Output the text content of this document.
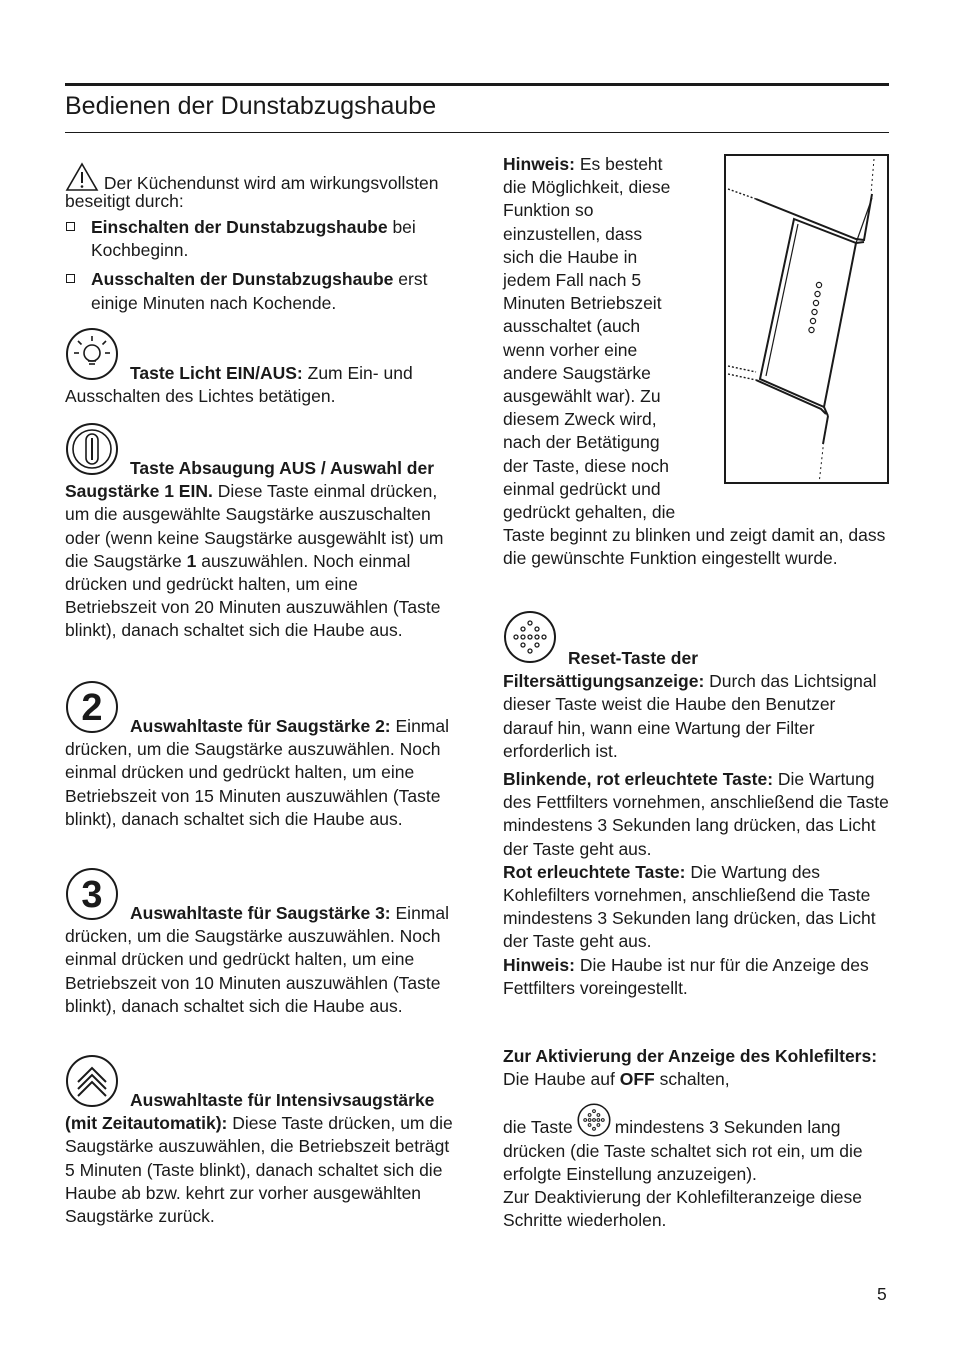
Bedienen der Dunstabzugshaube

Der Küchendunst wird am wirkungsvollsten beseitigt durch:

Einschalten der Dunstabzugshaube bei Kochbeginn.
Ausschalten der Dunstabzugshaube erst einige Minuten nach Kochende.

Taste Licht EIN/AUS: Zum Ein- und Ausschalten des Lichtes betätigen.

Taste Absaugung AUS / Auswahl der Saugstärke 1 EIN. Diese Taste einmal drücken, um die ausgewählte Saugstärke auszuschalten oder (wenn keine Saugstärke ausgewählt ist) um die Saugstärke 1 auszuwählen. Noch einmal drücken und gedrückt halten, um eine Betriebszeit von 20 Minuten auszuwählen (Taste blinkt), danach schaltet sich die Haube aus.

2	Auswahltaste für Saugstärke 2: Einmal drücken, um die Saugstärke auszuwählen. Noch einmal drücken und gedrückt halten, um eine Betriebszeit von 15 Minuten auszuwählen (Taste blinkt), danach schaltet sich die Haube aus.

3	Auswahltaste für Saugstärke 3: Einmal drücken, um die Saugstärke auszuwählen. Noch einmal drücken und gedrückt halten, um eine Betriebszeit von 10 Minuten auszuwählen (Taste blinkt), danach schaltet sich die Haube aus.

Auswahltaste für Intensivsaugstärke (mit Zeitautomatik): Diese Taste drücken, um die Saugstärke auszuwählen, die Betriebszeit beträgt 5 Minuten (Taste blinkt), danach schaltet sich die Haube ab bzw. kehrt zur vorher ausgewählten Saugstärke zurück.

Hinweis: Es besteht
die Möglichkeit, diese
Funktion so
einzustellen, dass
sich die Haube in
jedem Fall nach 5
Minuten Betriebszeit
ausschaltet (auch
wenn vorher eine
andere Saugstärke
ausgewählt war). Zu
diesem Zweck wird,
nach der Betätigung
der Taste, diese noch
einmal gedrückt und
gedrückt gehalten, die

Taste beginnt zu blinken und zeigt damit an, dass die gewünschte Funktion eingestellt wurde.

Reset-Taste der Filtersättigungsanzeige: Durch das Lichtsignal dieser Taste weist die Haube den Benutzer darauf hin, wann eine Wartung der Filter erforderlich ist.

Blinkende, rot erleuchtete Taste: Die Wartung des Fettfilters vornehmen, anschließend die Taste mindestens 3 Sekunden lang drücken, das Licht der Taste geht aus.

Rot erleuchtete Taste: Die Wartung des Kohlefilters vornehmen, anschließend die Taste mindestens 3 Sekunden lang drücken, das Licht der Taste geht aus.

Hinweis: Die Haube ist nur für die Anzeige des Fettfilters voreingestellt.

Zur Aktivierung der Anzeige des Kohlefilters: Die Haube auf OFF schalten,

die Taste mindestens 3 Sekunden lang drücken (die Taste schaltet sich rot ein, um die erfolgte Einstellung anzuzeigen).

Zur Deaktivierung der Kohlefilteranzeige diese Schritte wiederholen.

5
